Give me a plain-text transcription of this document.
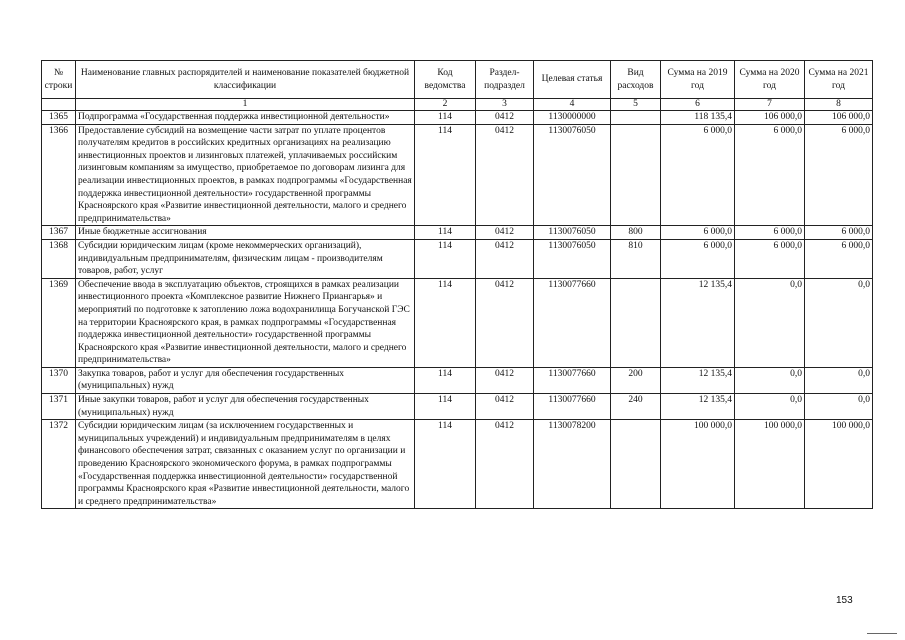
№ строки	Наименование главных распорядителей и наименование показателей бюджетной классификации	Код ведомства	Раздел-подраздел	Целевая статья	Вид расходов	Сумма на 2019 год	Сумма на 2020 год	Сумма на 2021 год
	1	2	3	4	5	6	7	8
1365	Подпрограмма «Государственная поддержка инвестиционной деятельности»	114	0412	1130000000		118 135,4	106 000,0	106 000,0
1366	Предоставление субсидий на возмещение части затрат по уплате процентов получателям кредитов в российских кредитных организациях на реализацию инвестиционных проектов и лизинговых платежей, уплачиваемых российским лизинговым компаниям за имущество, приобретаемое по договорам лизинга для реализации инвестиционных проектов, в рамках подпрограммы «Государственная поддержка инвестиционной деятельности» государственной программы Красноярского края «Развитие инвестиционной деятельности, малого и среднего предпринимательства»	114	0412	1130076050		6 000,0	6 000,0	6 000,0
1367	Иные бюджетные ассигнования	114	0412	1130076050	800	6 000,0	6 000,0	6 000,0
1368	Субсидии юридическим лицам (кроме некоммерческих организаций), индивидуальным предпринимателям, физическим лицам - производителям товаров, работ, услуг	114	0412	1130076050	810	6 000,0	6 000,0	6 000,0
1369	Обеспечение ввода в эксплуатацию объектов, строящихся в рамках реализации инвестиционного проекта «Комплексное развитие Нижнего Приангарья» и мероприятий по подготовке к затоплению ложа водохранилища Богучанской ГЭС на территории Красноярского края, в рамках подпрограммы «Государственная поддержка инвестиционной деятельности» государственной программы Красноярского края «Развитие инвестиционной деятельности, малого и среднего предпринимательства»	114	0412	1130077660		12 135,4	0,0	0,0
1370	Закупка товаров, работ и услуг для обеспечения государственных (муниципальных) нужд	114	0412	1130077660	200	12 135,4	0,0	0,0
1371	Иные закупки товаров, работ и услуг для обеспечения государственных (муниципальных) нужд	114	0412	1130077660	240	12 135,4	0,0	0,0
1372	Субсидии юридическим лицам (за исключением государственных и муниципальных учреждений) и индивидуальным предпринимателям в целях финансового обеспечения затрат, связанных с оказанием услуг по организации и проведению Красноярского экономического форума, в рамках подпрограммы «Государственная поддержка инвестиционной деятельности» государственной программы Красноярского края «Развитие инвестиционной деятельности, малого и среднего предпринимательства»	114	0412	1130078200		100 000,0	100 000,0	100 000,0
153
